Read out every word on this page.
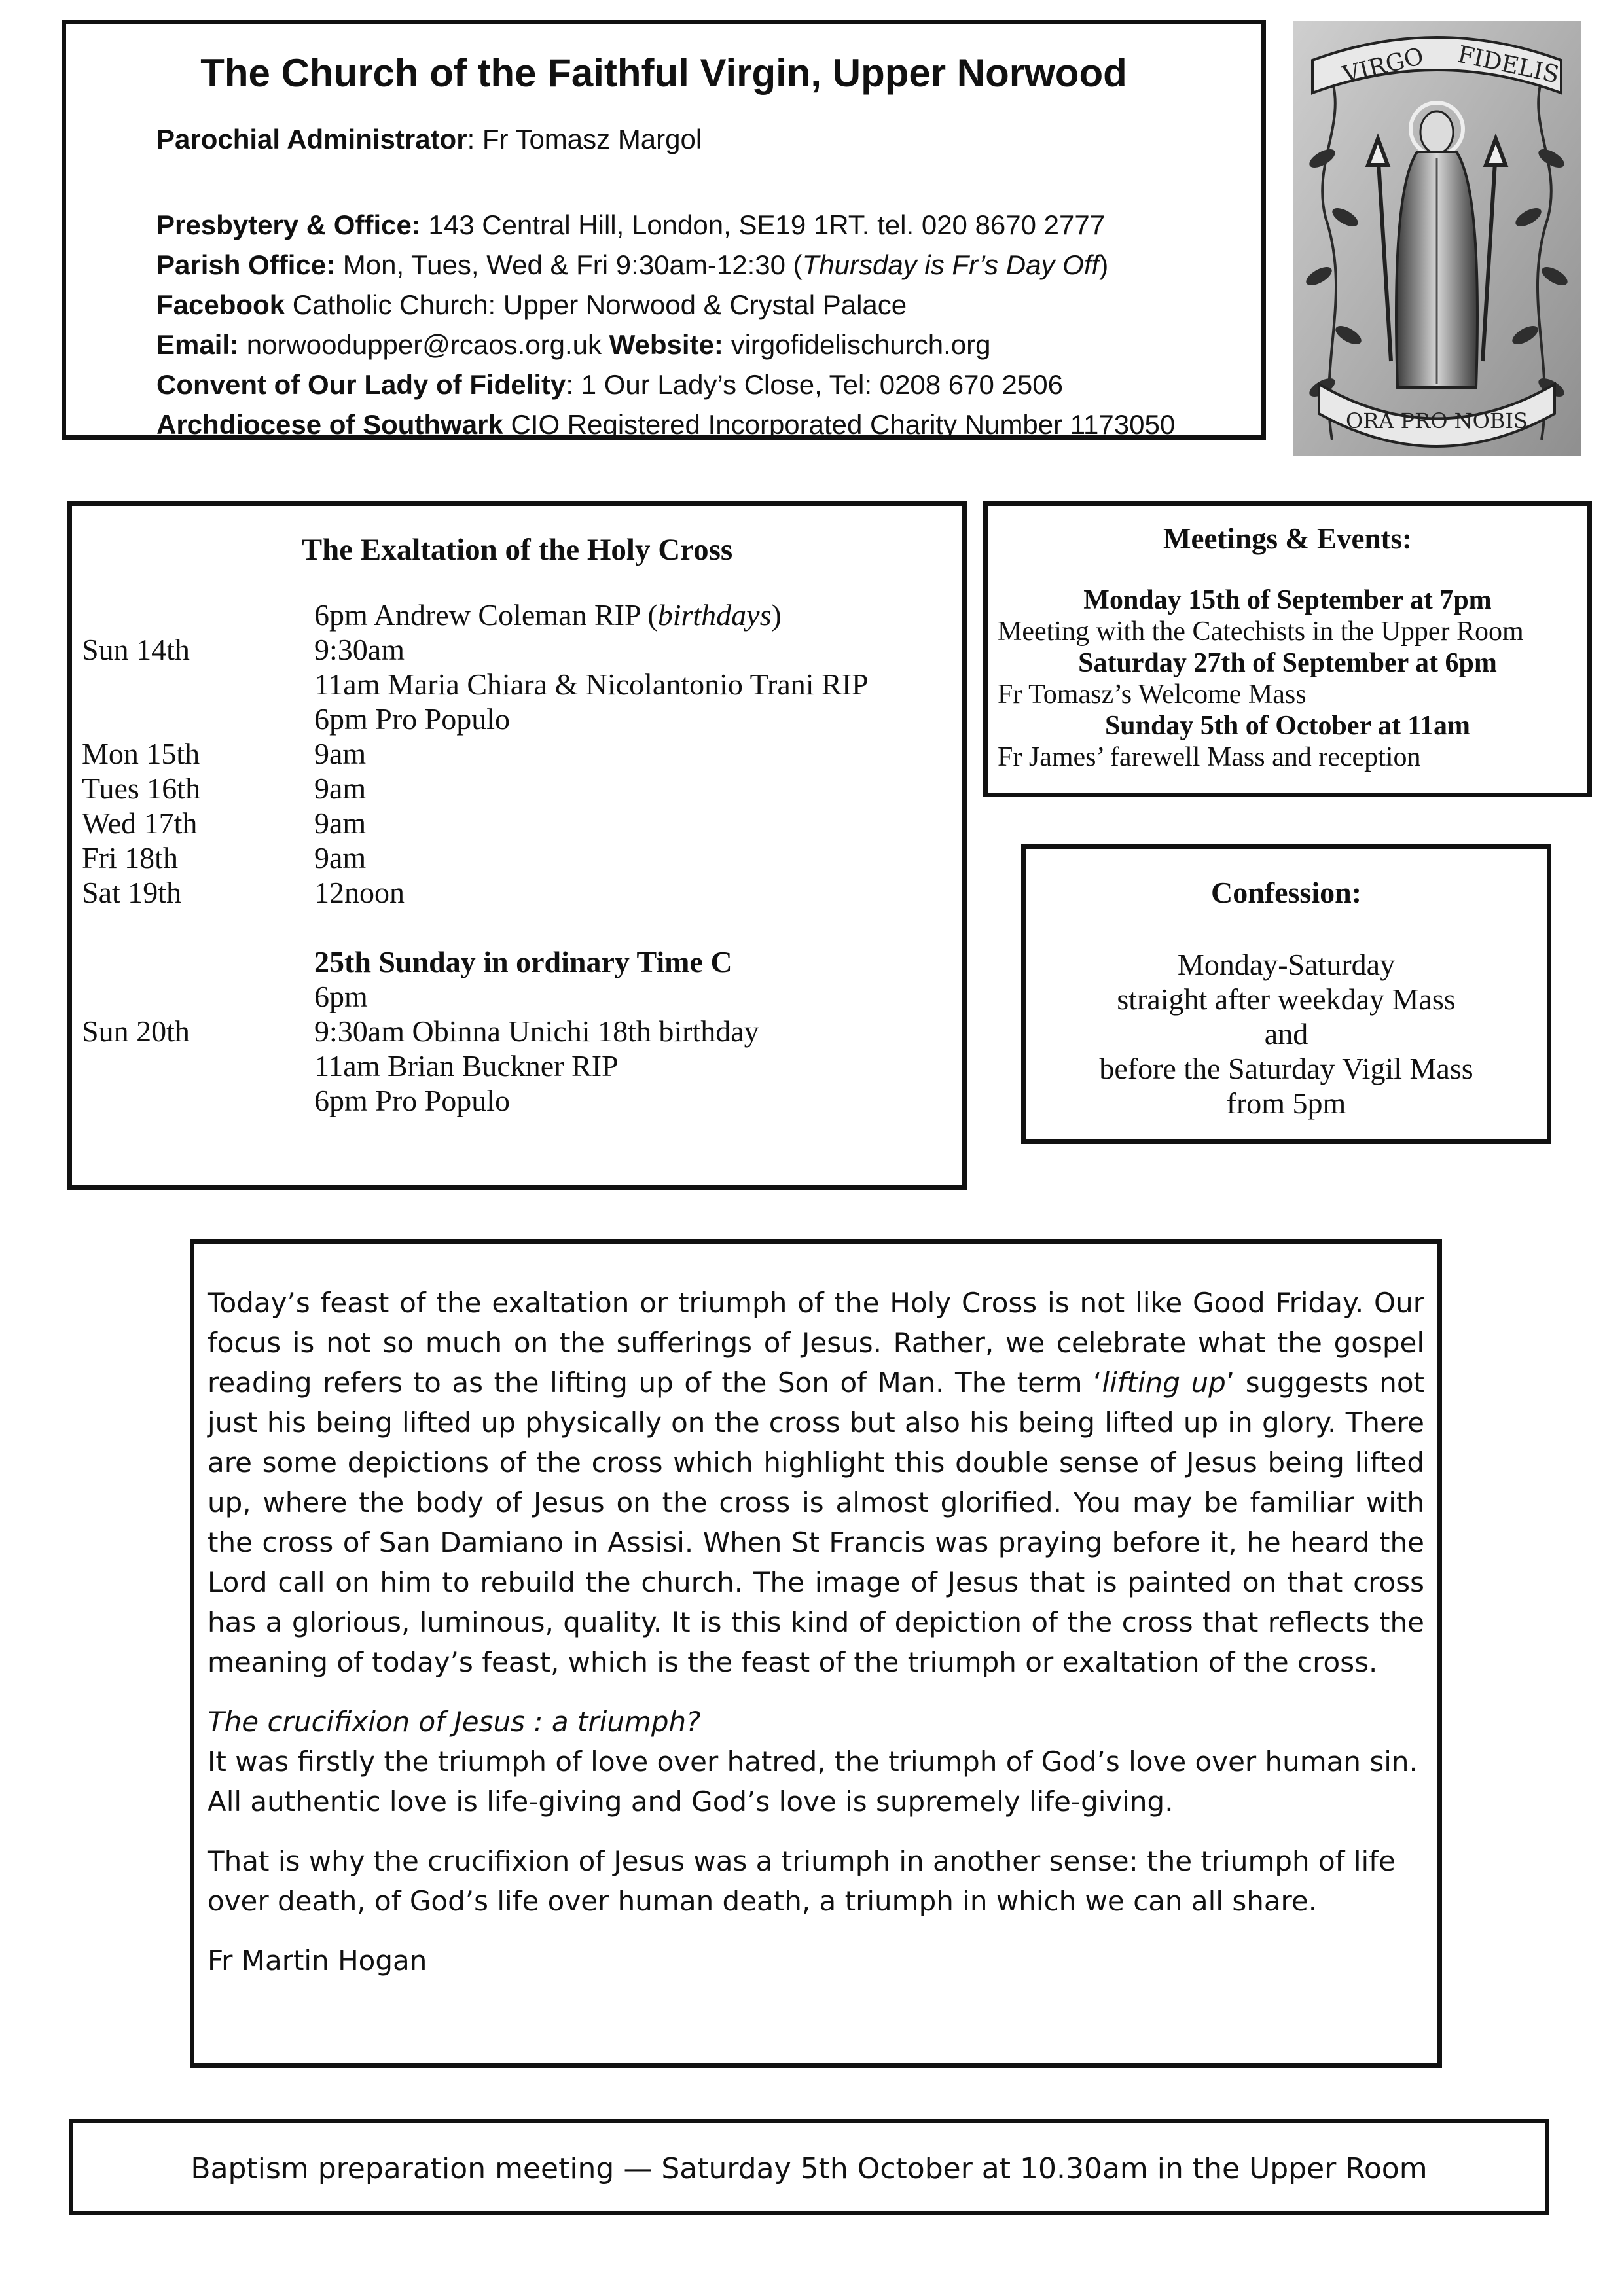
The Church of the Faithful Virgin, Upper Norwood
Parochial Administrator: Fr Tomasz Margol
Presbytery & Office: 143 Central Hill, London, SE19 1RT. tel. 020 8670 2777
Parish Office: Mon, Tues, Wed & Fri 9:30am-12:30 (Thursday is Fr’s Day Off)
Facebook Catholic Church: Upper Norwood & Crystal Palace
Email: norwoodupper@rcaos.org.uk Website: virgofidelischurch.org
Convent of Our Lady of Fidelity: 1 Our Lady’s Close, Tel: 0208 670 2506
Archdiocese of Southwark CIO Registered Incorporated Charity Number 1173050
VIRGO FIDELIS
ORA PRO NOBIS
The Exaltation of the Holy Cross
6pm Andrew Coleman RIP (birthdays)
Sun 14th	9:30am
11am Maria Chiara & Nicolantonio Trani RIP
6pm Pro Populo
Mon 15th	9am
Tues 16th	9am
Wed 17th	9am
Fri 18th	9am
Sat 19th	12noon
25th Sunday in ordinary Time C
6pm
Sun 20th	9:30am Obinna Unichi 18th birthday
11am Brian Buckner RIP
6pm Pro Populo
Meetings & Events:
Monday 15th of September at 7pm
Meeting with the Catechists in the Upper Room
Saturday 27th of September at 6pm
Fr Tomasz’s Welcome Mass
Sunday 5th of October at 11am
Fr James’ farewell Mass and reception
Confession:
Monday-Saturday
straight after weekday Mass
and
before the Saturday Vigil Mass
from 5pm

Today’s feast of the exaltation or triumph of the Holy Cross is not like Good Friday. Our focus is not so much on the sufferings of Jesus. Rather, we celebrate what the gospel reading refers to as the lifting up of the Son of Man. The term ‘lifting up’ suggests not just his being lifted up physically on the cross but also his being lifted up in glory. There are some depictions of the cross which highlight this double sense of Jesus being lifted up, where the body of Jesus on the cross is almost glorified. You may be familiar with the cross of San Damiano in Assisi. When St Francis was praying before it, he heard the Lord call on him to rebuild the church. The image of Jesus that is painted on that cross has a glorious, luminous, quality. It is this kind of depiction of the cross that reflects the meaning of today’s feast, which is the feast of the triumph or exaltation of the cross.

The crucifixion of Jesus : a triumph?

It was firstly the triumph of love over hatred, the triumph of God’s love over human sin.

All authentic love is life-giving and God’s love is supremely life-giving.

That is why the crucifixion of Jesus was a triumph in another sense: the triumph of life over death, of God’s life over human death, a triumph in which we can all share.

Fr Martin Hogan

Baptism preparation meeting — Saturday 5th October at 10.30am in the Upper Room
